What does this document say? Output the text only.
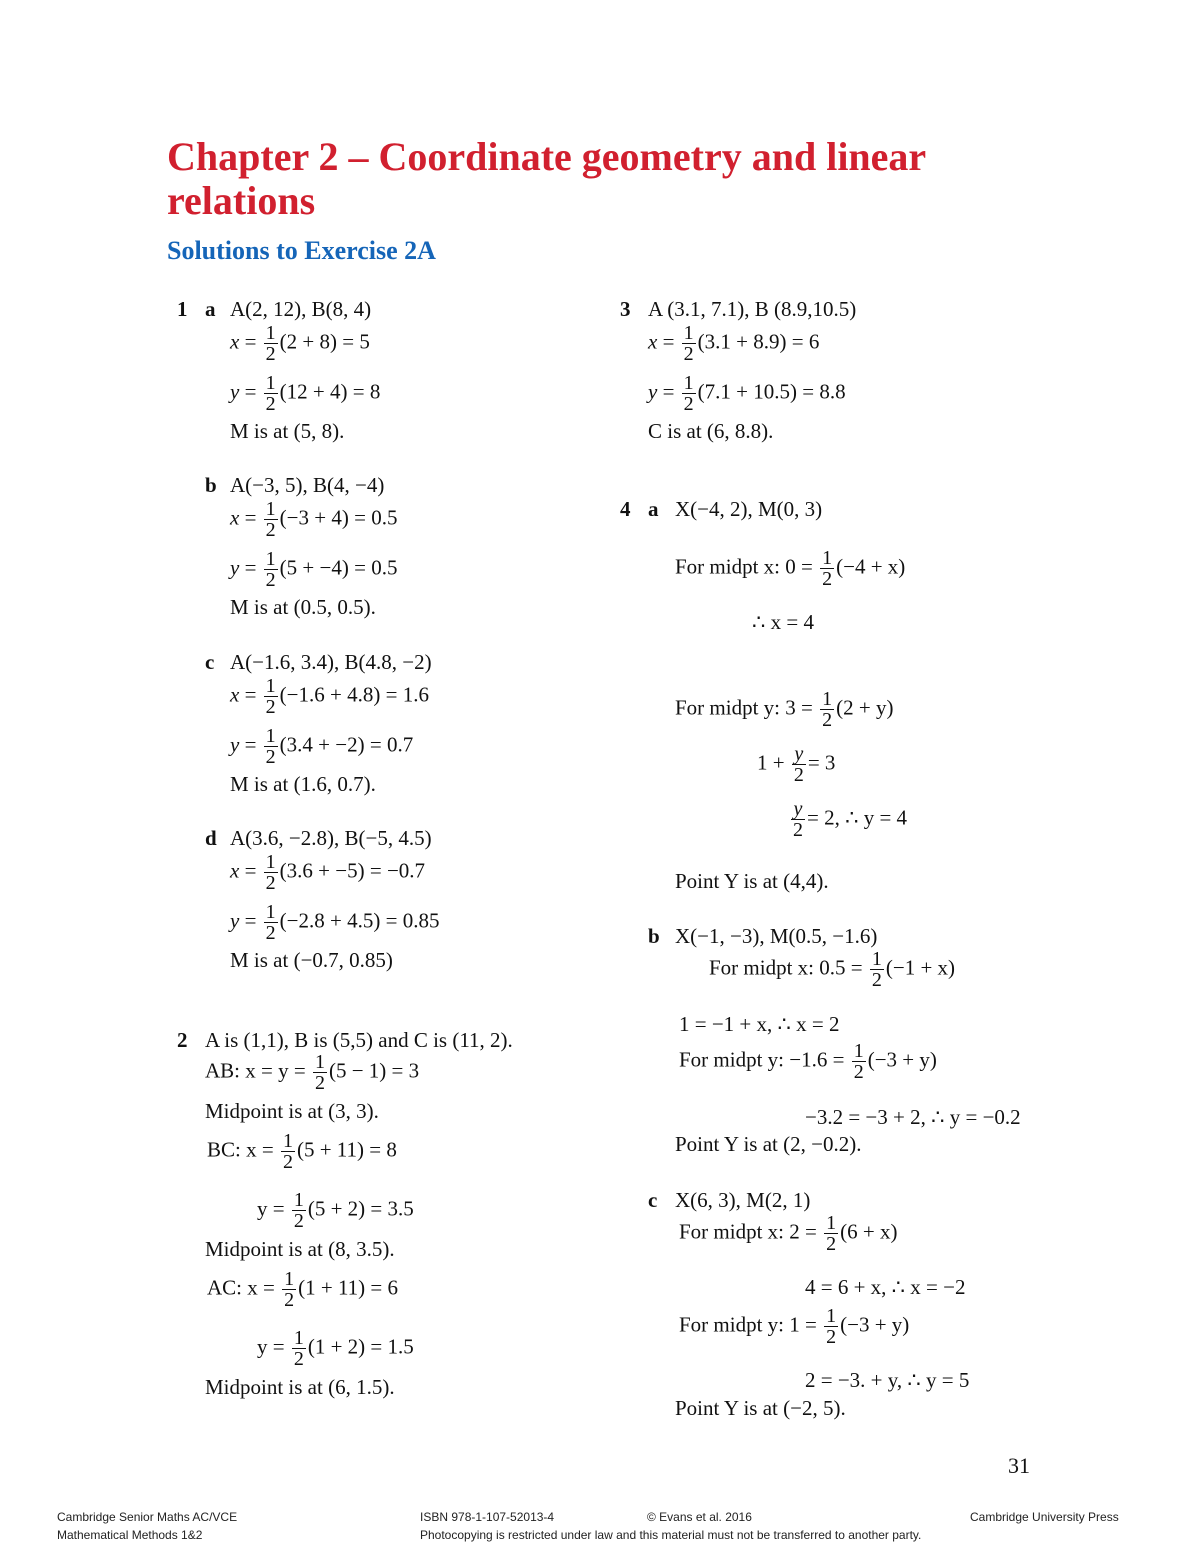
Chapter 2 – Coordinate geometry and linear
relations
Solutions to Exercise 2A
1 a A(2, 12), B(8, 4)
$x = \frac{1}{2} (2 + 8) = 5$
$y = \frac{1}{2} (12 + 4) = 8$
M is at (5, 8).
b A(−3, 5), B(4, −4)
$x = \frac{1}{2} (-3 + 4) = 0.5$
$y = \frac{1}{2} (5 + -4) = 0.5$
M is at (0.5, 0.5).
c A(−1.6, 3.4), B(4.8, −2)
$x = \frac{1}{2} (-1.6 + 4.8) = 1.6$
$y = \frac{1}{2} (3.4 + -2) = 0.7$
M is at (1.6, 0.7).
d A(3.6, −2.8), B(−5, 4.5)
$x = \frac{1}{2} (3.6 + -5) = -0.7$
$y = \frac{1}{2} (-2.8 + 4.5) = 0.85$
M is at (−0.7, 0.85)
2 A is (1,1), B is (5,5) and C is (11, 2).
AB: $x = y = \frac{1}{2} (5 - 1) = 3$
Midpoint is at (3, 3).
BC: $x = \frac{1}{2} (5 + 11) = 8$
$y = \frac{1}{2} (5 + 2) = 3.5$
Midpoint is at (8, 3.5).
AC: $x = \frac{1}{2} (1 + 11) = 6$
$y = \frac{1}{2} (1 + 2) = 1.5$
Midpoint is at (6, 1.5).
3 A (3.1, 7.1), B (8.9,10.5)
$x = \frac{1}{2} (3.1 + 8.9) = 6$
$y = \frac{1}{2} (7.1 + 10.5) = 8.8$
C is at (6, 8.8).
4 a X(−4, 2), M(0, 3)
For midpt x: $0 = \frac{1}{2} (-4 + x)$
∴ x = 4
For midpt y: $3 = \frac{1}{2} (2 + y)$
$1 + \frac{y}{2} = 3$
$\frac{y}{2} = 2$, ∴ y = 4
Point Y is at (4,4).
b X(−1, −3), M(0.5, −1.6)
For midpt x: $0.5 = \frac{1}{2} (-1 + x)$
1 = −1 + x, ∴ x = 2
For midpt y: $-1.6 = \frac{1}{2} (-3 + y)$
−3.2 = −3 + 2, ∴ y = −0.2
Point Y is at (2, −0.2).
c X(6, 3), M(2, 1)
For midpt x: $2 = \frac{1}{2} (6 + x)$
4 = 6 + x, ∴ x = −2
For midpt y: $1 = \frac{1}{2} (-3 + y)$
2 = −3. + y, ∴ y = 5
Point Y is at (−2, 5).
31
Cambridge Senior Maths AC/VCE
Mathematical Methods 1&2
ISBN 978-1-107-52013-4	© Evans et al. 2016	Cambridge University Press
Photocopying is restricted under law and this material must not be transferred to another party.
